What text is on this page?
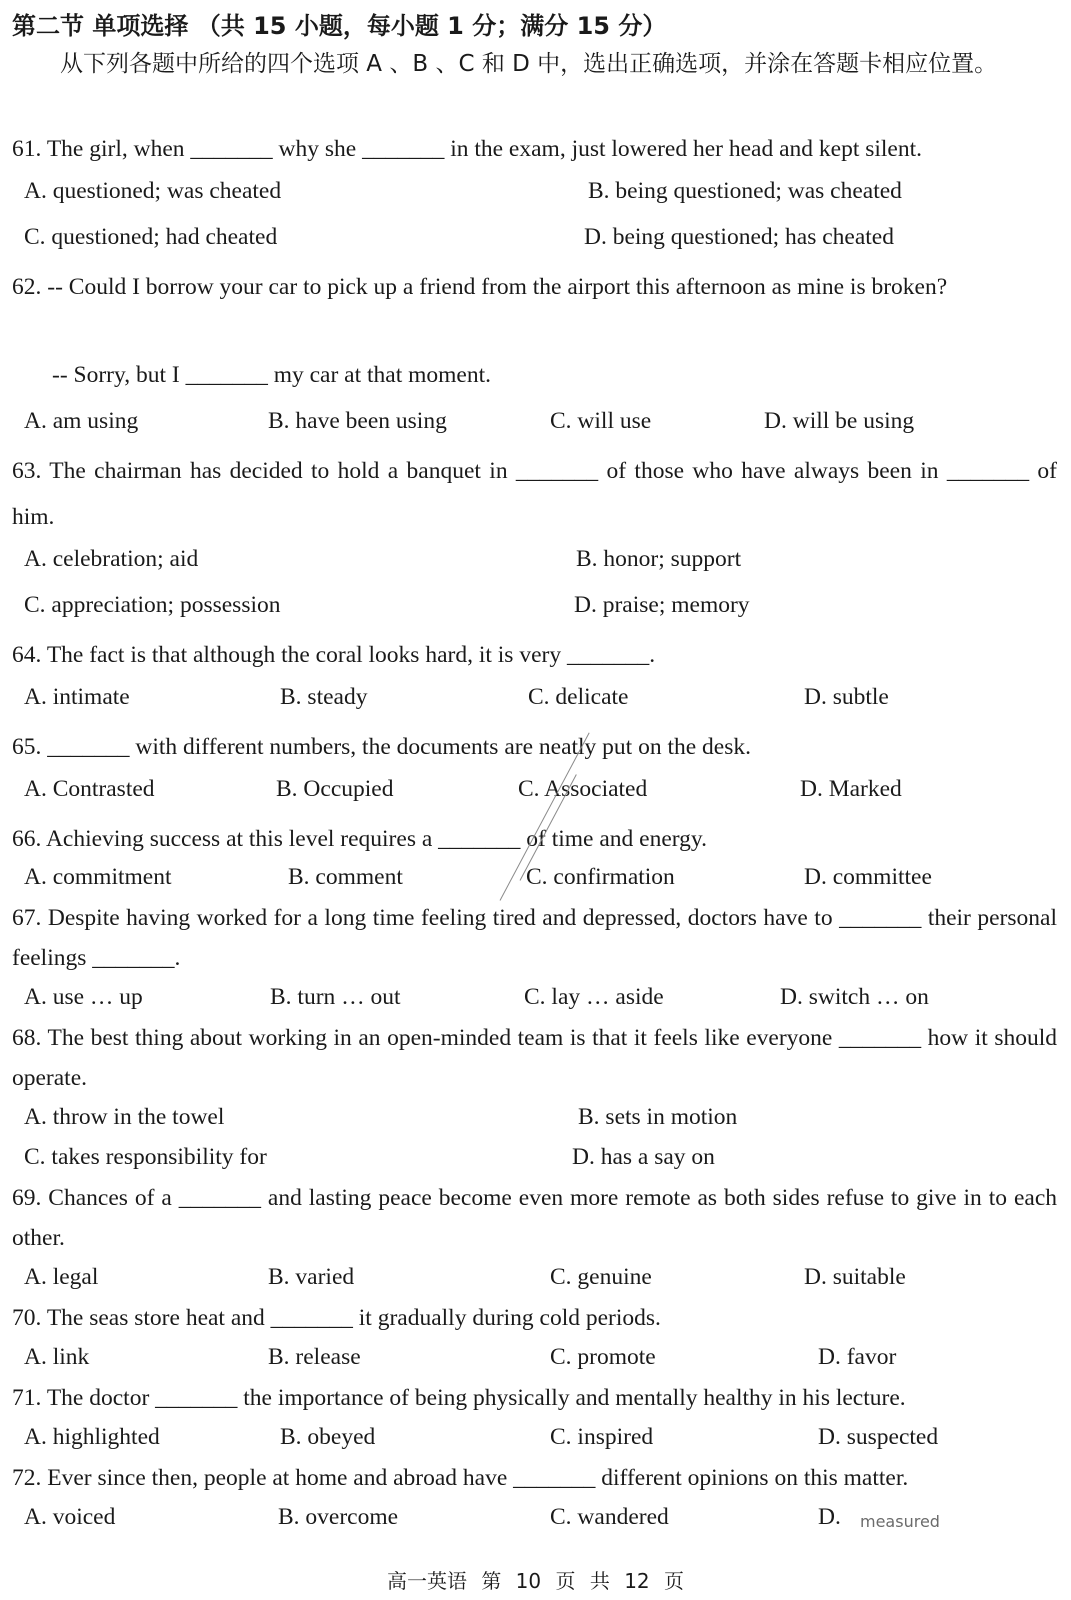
第二节 单项选择 （共 15 小题，每小题 1 分；满分 15 分）
从下列各题中所给的四个选项 A 、B 、C 和 D 中，选出正确选项，并涂在答题卡相应位置。
61. The girl, when _______ why she _______ in the exam, just lowered her head and kept silent.
A. questioned; was cheated	B. being questioned; was cheated
C. questioned; had cheated	D. being questioned; has cheated
62. -- Could I borrow your car to pick up a friend from the airport this afternoon as mine is broken?
-- Sorry, but I _______ my car at that moment.
A. am using	B. have been using	C. will use	D. will be using
63. The chairman has decided to hold a banquet in _______ of those who have always been in _______ of him.
A. celebration; aid	B. honor; support
C. appreciation; possession	D. praise; memory
64. The fact is that although the coral looks hard, it is very _______.
A. intimate	B. steady	C. delicate	D. subtle
65. _______ with different numbers, the documents are neatly put on the desk.
A. Contrasted	B. Occupied	C. Associated	D. Marked
66. Achieving success at this level requires a _______ of time and energy.
A. commitment	B. comment	C. confirmation	D. committee
67. Despite having worked for a long time feeling tired and depressed, doctors have to _______ their personal feelings _______.
A. use … up	B. turn … out	C. lay … aside	D. switch … on
68. The best thing about working in an open-minded team is that it feels like everyone _______ how it should operate.
A. throw in the towel	B. sets in motion
C. takes responsibility for	D. has a say on
69. Chances of a _______ and lasting peace become even more remote as both sides refuse to give in to each other.
A. legal	B. varied	C. genuine	D. suitable
70. The seas store heat and _______ it gradually during cold periods.
A. link	B. release	C. promote	D. favor
71. The doctor _______ the importance of being physically and mentally healthy in his lecture.
A. highlighted	B. obeyed	C. inspired	D. suspected
72. Ever since then, people at home and abroad have _______ different opinions on this matter.
A. voiced	B. overcome	C. wandered	D. measured
高一英语 第 10 页 共 12 页
